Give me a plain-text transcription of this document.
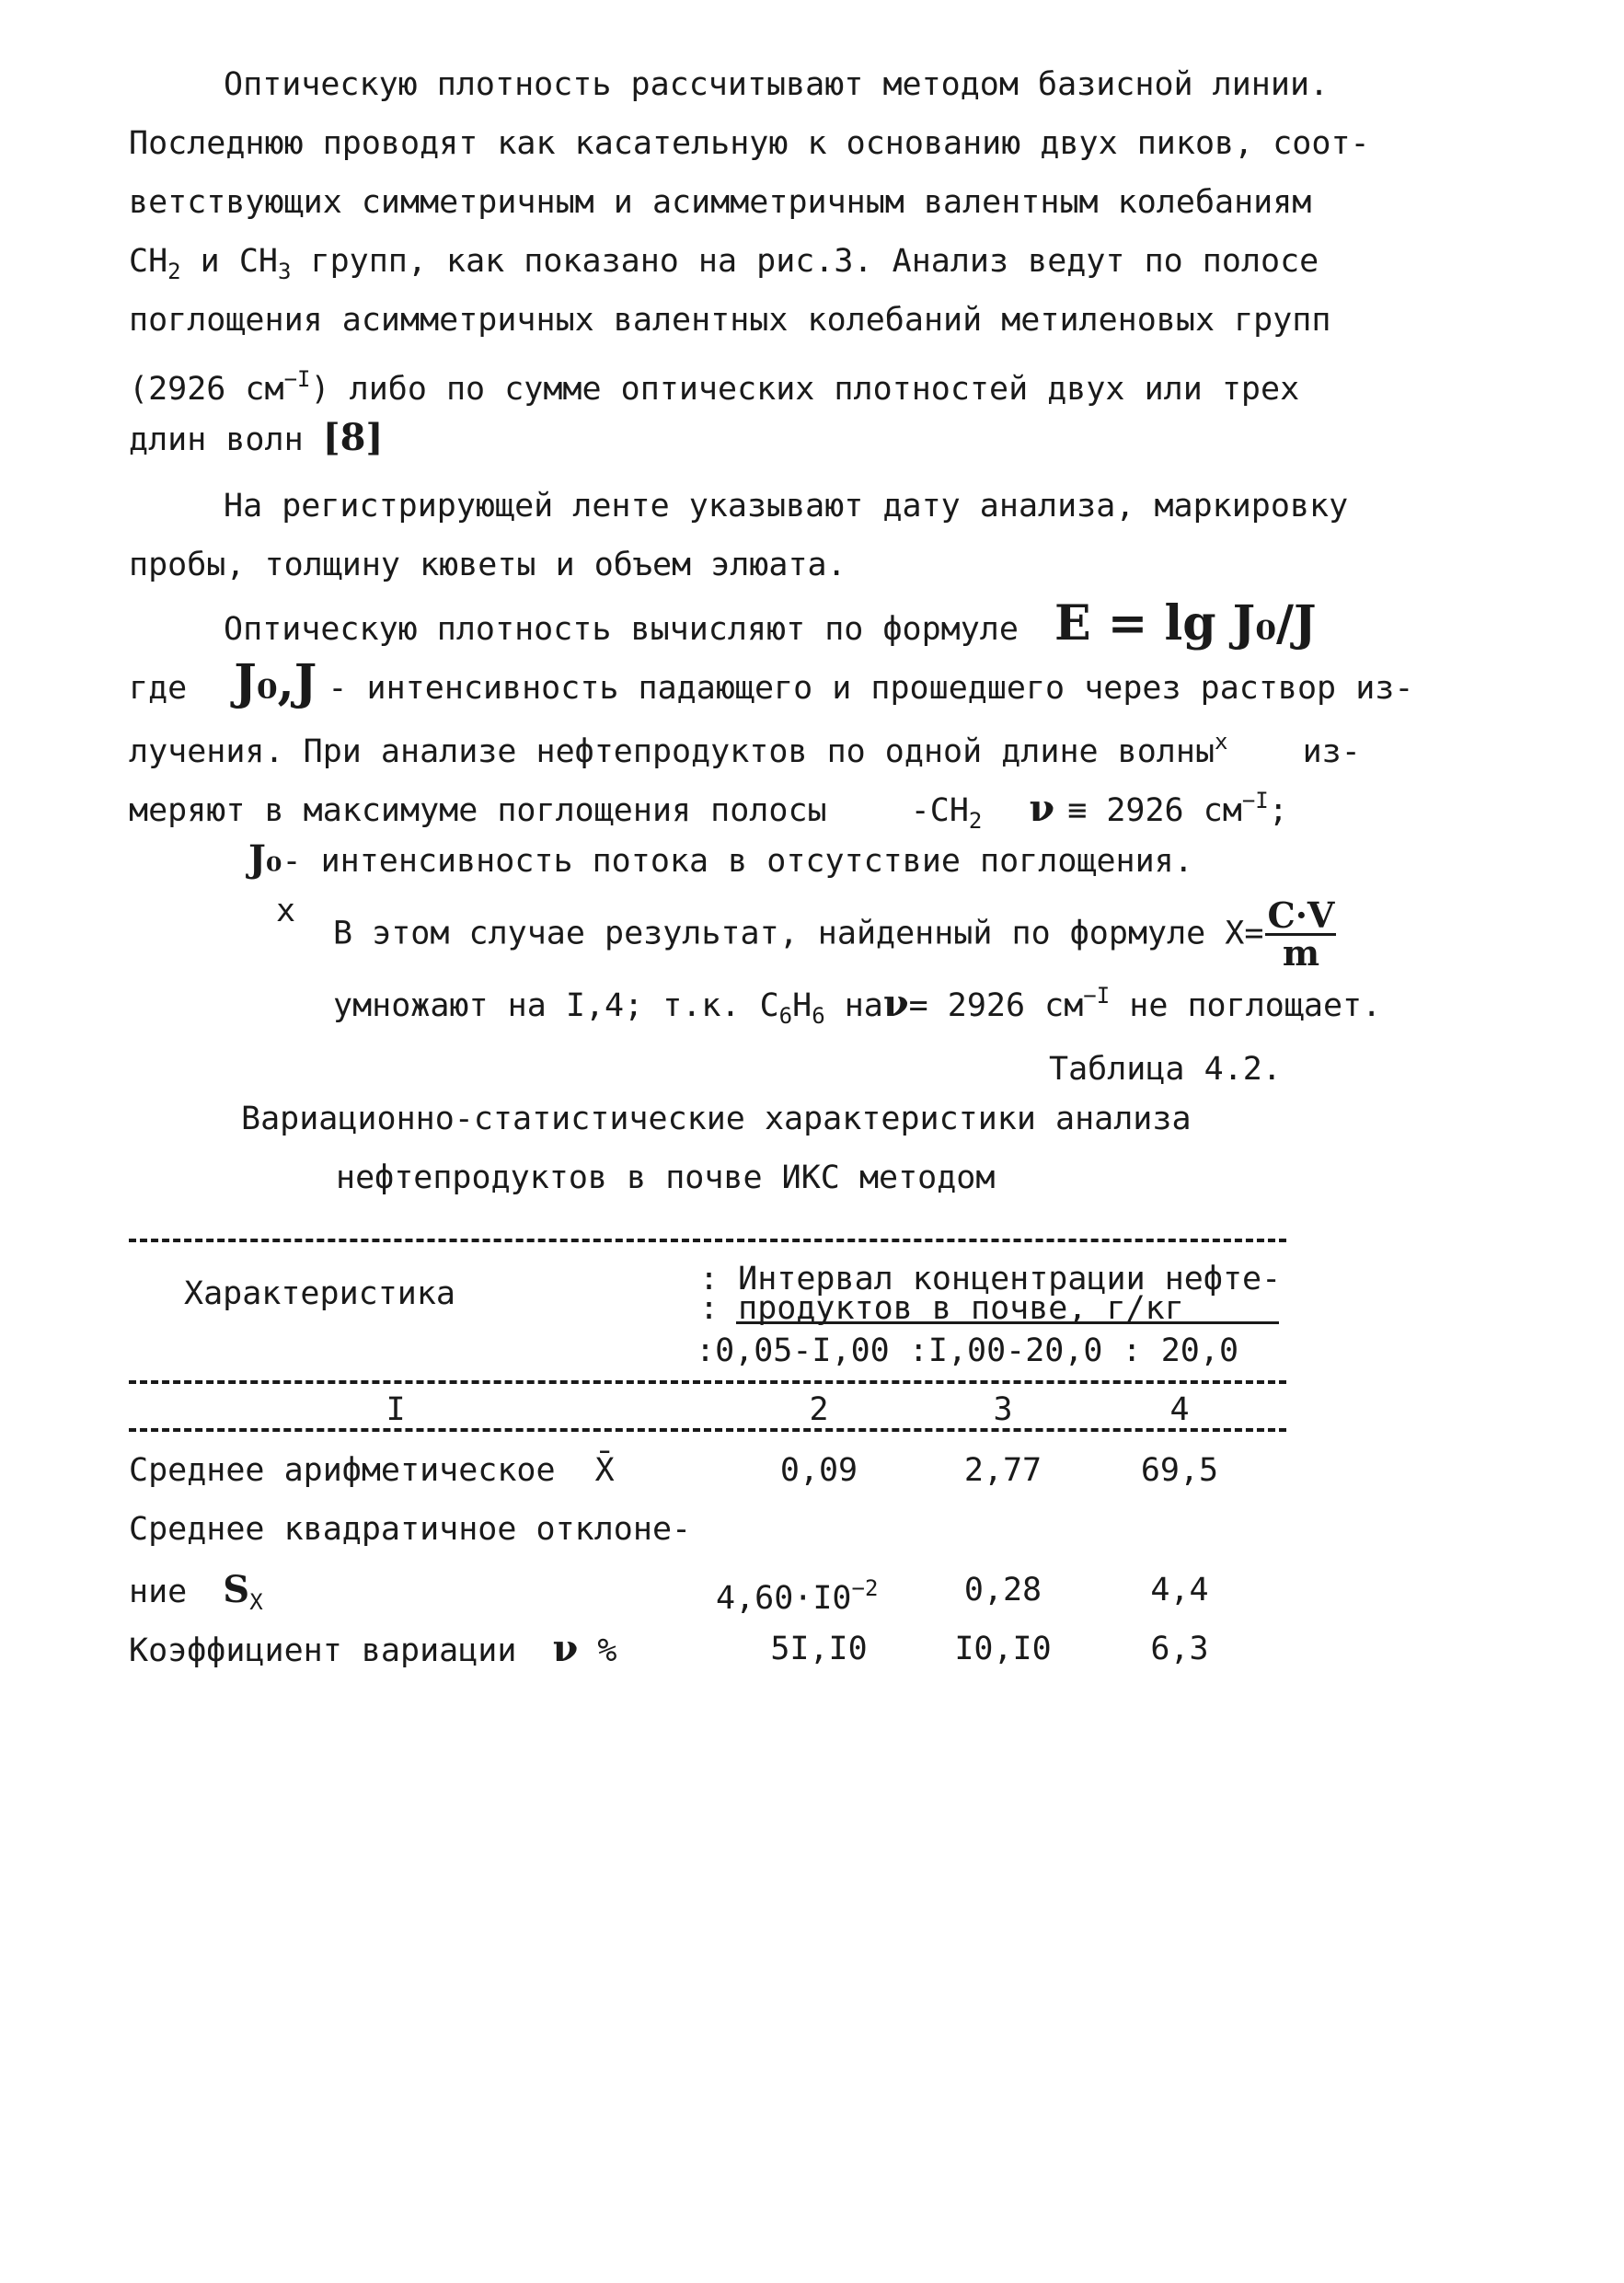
Оптическую плотность рассчитывают методом базисной линии.
Последнюю проводят как касательную к основанию двух пиков, соот-
ветствующих симметричным и асимметричным валентным колебаниям
$CH_2$ и $CH_3$ групп, как показано на рис.3. Анализ ведут по полосе
поглощения асимметричных валентных колебаний метиленовых групп
(2926 $см^{-I}$) либо по сумме оптических плотностей двух или трех
длин волн [8]
На регистрирующей ленте указывают дату анализа, маркировку
пробы, толщину кюветы и объем элюата.
Оптическую плотность вычисляют по формуле E = lg J₀/J
где J₀,J - интенсивность падающего и прошедшего через раствор из-
лучения. При анализе нефтепродуктов по одной длине волны$^x$ из-
меряют в максимуме поглощения полосы	$-CH_2$ ν ≡ 2926 $см^{-I}$;
J₀- интенсивность потока в отсутствие поглощения.
x
В этом случае результат, найденный по формуле $X= \frac{C\cdot V}{m}$
умножают на I,4; т.к. $C_6H_6$ наν= 2926 $см^{-I}$ не поглощает.
Таблица 4.2.
Вариационно-статистические характеристики анализа
нефтепродуктов в почве ИКС методом
Характеристика	: Интервал концентрации нефте-
: продуктов в почве, г/кг
:0,05-I,00 :I,00-20,0 : 20,0
I	2	3	4
Среднее арифметическое X̄	0,09	2,77	69,5
Среднее квадратичное отклоне-
ние $S_X$	$4,60\cdot I0^{-2}$	0,28	4,4
Коэффициент вариации ν %	5I,I0	I0,I0	6,3
